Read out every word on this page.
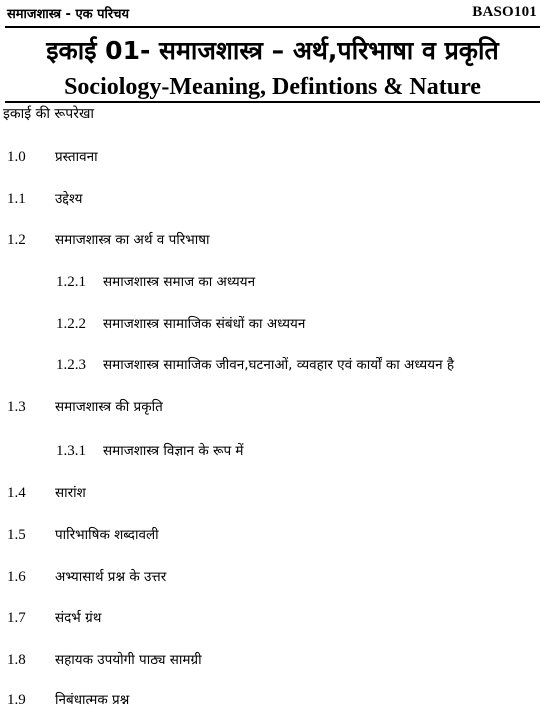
समाजशास्त्र - एक परिचय	BASO101
इकाई 01- समाजशास्त्र – अर्थ,परिभाषा व प्रकृति
Sociology-Meaning, Defintions & Nature
इकाई की रूपरेखा
1.0	प्रस्तावना
1.1	उद्देश्य
1.2	समाजशास्त्र का अर्थ व परिभाषा
1.2.1	समाजशास्त्र समाज का अध्ययन
1.2.2	समाजशास्त्र सामाजिक संबंधों का अध्ययन
1.2.3	समाजशास्त्र सामाजिक जीवन,घटनाओं, व्यवहार एवं कार्यों का अध्ययन है
1.3	समाजशास्त्र की प्रकृति
1.3.1	समाजशास्त्र विज्ञान के रूप में
1.4	सारांश
1.5	पारिभाषिक शब्दावली
1.6	अभ्यासार्थ प्रश्न के उत्तर
1.7	संदर्भ ग्रंथ
1.8	सहायक उपयोगी पाठ्य सामग्री
1.9	निबंधात्मक प्रश्न
